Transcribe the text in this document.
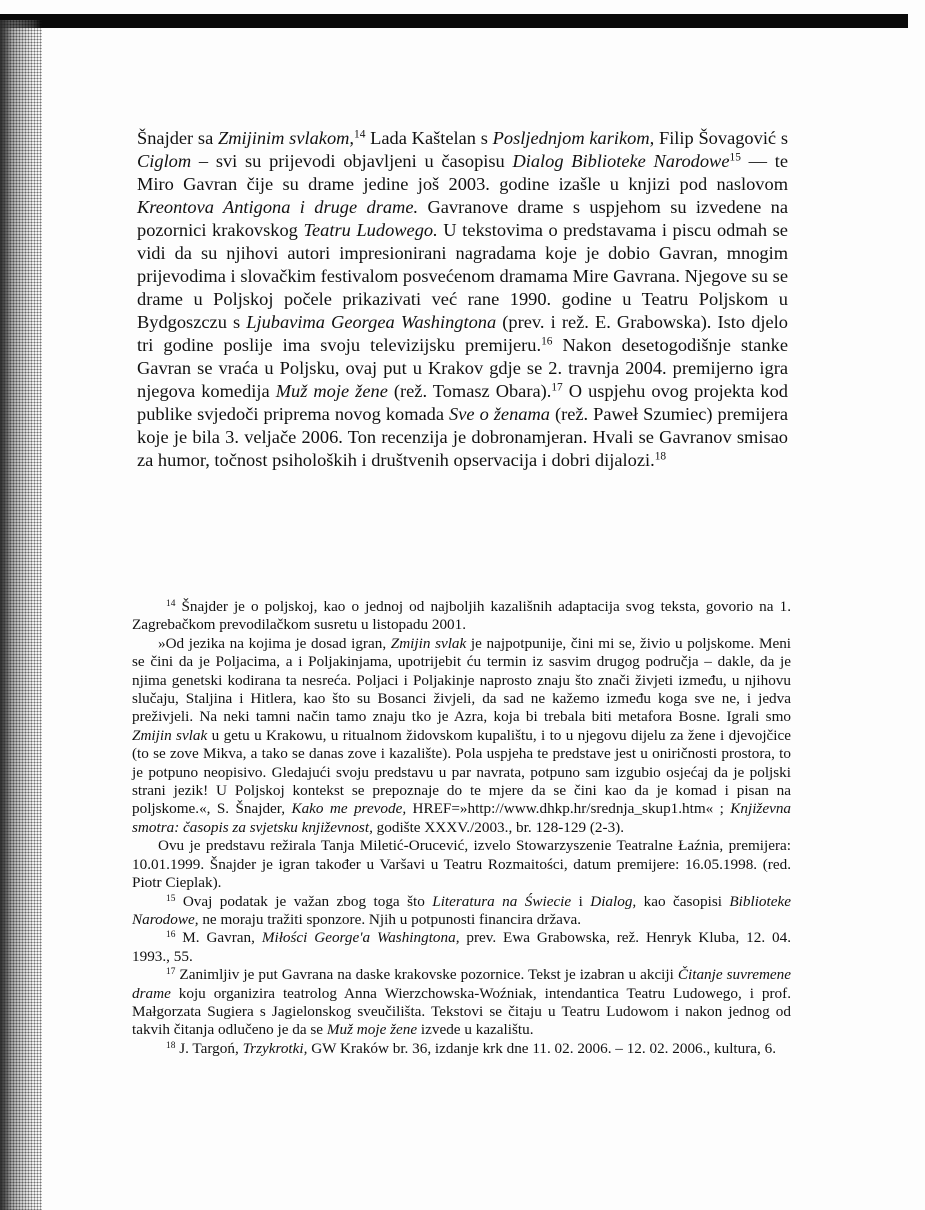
Šnajder sa Zmijinim svlakom,$^{14}$ Lada Kaštelan s Posljednjom karikom, Filip Šovagović s Ciglom – svi su prijevodi objavljeni u časopisu Dialog Biblioteke Narodowe$^{15}$ — te Miro Gavran čije su drame jedine još 2003. godine izašle u knjizi pod naslovom Kreontova Antigona i druge drame. Gavranove drame s uspjehom su izvedene na pozornici krakovskog Teatru Ludowego. U tekstovima o predstavama i piscu odmah se vidi da su njihovi autori impresionirani nagradama koje je dobio Gavran, mnogim prijevodima i slovačkim festivalom posvećenom dramama Mire Gavrana. Njegove su se drame u Poljskoj počele prikazivati već rane 1990. godine u Teatru Poljskom u Bydgoszczu s Ljubavima Georgea Washingtona (prev. i rež. E. Grabowska). Isto djelo tri godine poslije ima svoju televizijsku premijeru.$^{16}$ Nakon desetogodišnje stanke Gavran se vraća u Poljsku, ovaj put u Krakov gdje se 2. travnja 2004. premijerno igra njegova komedija Muž moje žene (rež. Tomasz Obara).$^{17}$ O uspjehu ovog projekta kod publike svjedoči pripremа novog komada Sve o ženama (rež. Paweł Szumiec) premijera koje je bila 3. veljače 2006. Ton recenzija je dobronamjeran. Hvali se Gavranov smisao za humor, točnost psiholoških i društvenih opservacija i dobri dijalozi.$^{18}$

$^{14}$ Šnajder je o poljskoj, kao o jednoj od najboljih kazališnih adaptacija svog teksta, govorio na 1. Zagrebačkom prevodilačkom susretu u listopadu 2001.

»Od jezika na kojima je dosad igran, Zmijin svlak je najpotpunije, čini mi se, živio u poljskome. Meni se čini da je Poljacima, a i Poljakinjama, upotrijebit ću termin iz sasvim drugog područja – dakle, da je njima genetski kodirana ta nesreća. Poljaci i Poljakinje naprosto znaju što znači živjeti između, u njihovu slučaju, Staljina i Hitlera, kao što su Bosanci živjeli, da sad ne kažemo između koga sve ne, i jedva preživjeli. Na neki tamni način tamo znaju tko je Azra, koja bi trebala biti metafora Bosne. Igrali smo Zmijin svlak u getu u Krakowu, u ritualnom židovskom kupalištu, i to u njegovu dijelu za žene i djevojčice (to se zove Mikva, a tako se danas zove i kazalište). Pola uspjeha te predstave jest u oniričnosti prostora, to je potpuno neopisivo. Gledajući svoju predstavu u par navrata, potpuno sam izgubio osjećaj da je poljski strani jezik! U Poljskoj kontekst se prepoznaje do te mjere da se čini kao da je komad i pisan na poljskome.«, S. Šnajder, Kako me prevode, HREF=»http://www.dhkp.hr/srednja_skup1.htm« ; Književna smotra: časopis za svjetsku književnost, godište XXXV./2003., br. 128-129 (2-3).

Ovu je predstavu režirala Tanja Miletić-Orucević, izvelo Stowarzyszenie Teatralne Łaźnia, premijera: 10.01.1999. Šnajder je igran također u Varšavi u Teatru Rozmaitości, datum premijere: 16.05.1998. (red. Piotr Cieplak).

$^{15}$ Ovaj podatak je važan zbog toga što Literatura na Świecie i Dialog, kao časopisi Biblioteke Narodowe, ne moraju tražiti sponzore. Njih u potpunosti financira država.

$^{16}$ M. Gavran, Miłości George'a Washingtona, prev. Ewa Grabowska, rež. Henryk Kluba, 12. 04. 1993., 55.

$^{17}$ Zanimljiv je put Gavrana na daske krakovske pozornice. Tekst je izabran u akciji Čitanje suvremene drame koju organizira teatrolog Anna Wierzchowska-Woźniak, intendantica Teatru Ludowego, i prof. Małgorzata Sugiera s Jagielonskog sveučilišta. Tekstovi se čitaju u Teatru Ludowom i nakon jednog od takvih čitanja odlučeno je da se Muž moje žene izvede u kazalištu.

$^{18}$ J. Targoń, Trzykrotki, GW Kraków br. 36, izdanje krk dne 11. 02. 2006. – 12. 02. 2006., kultura, 6.
